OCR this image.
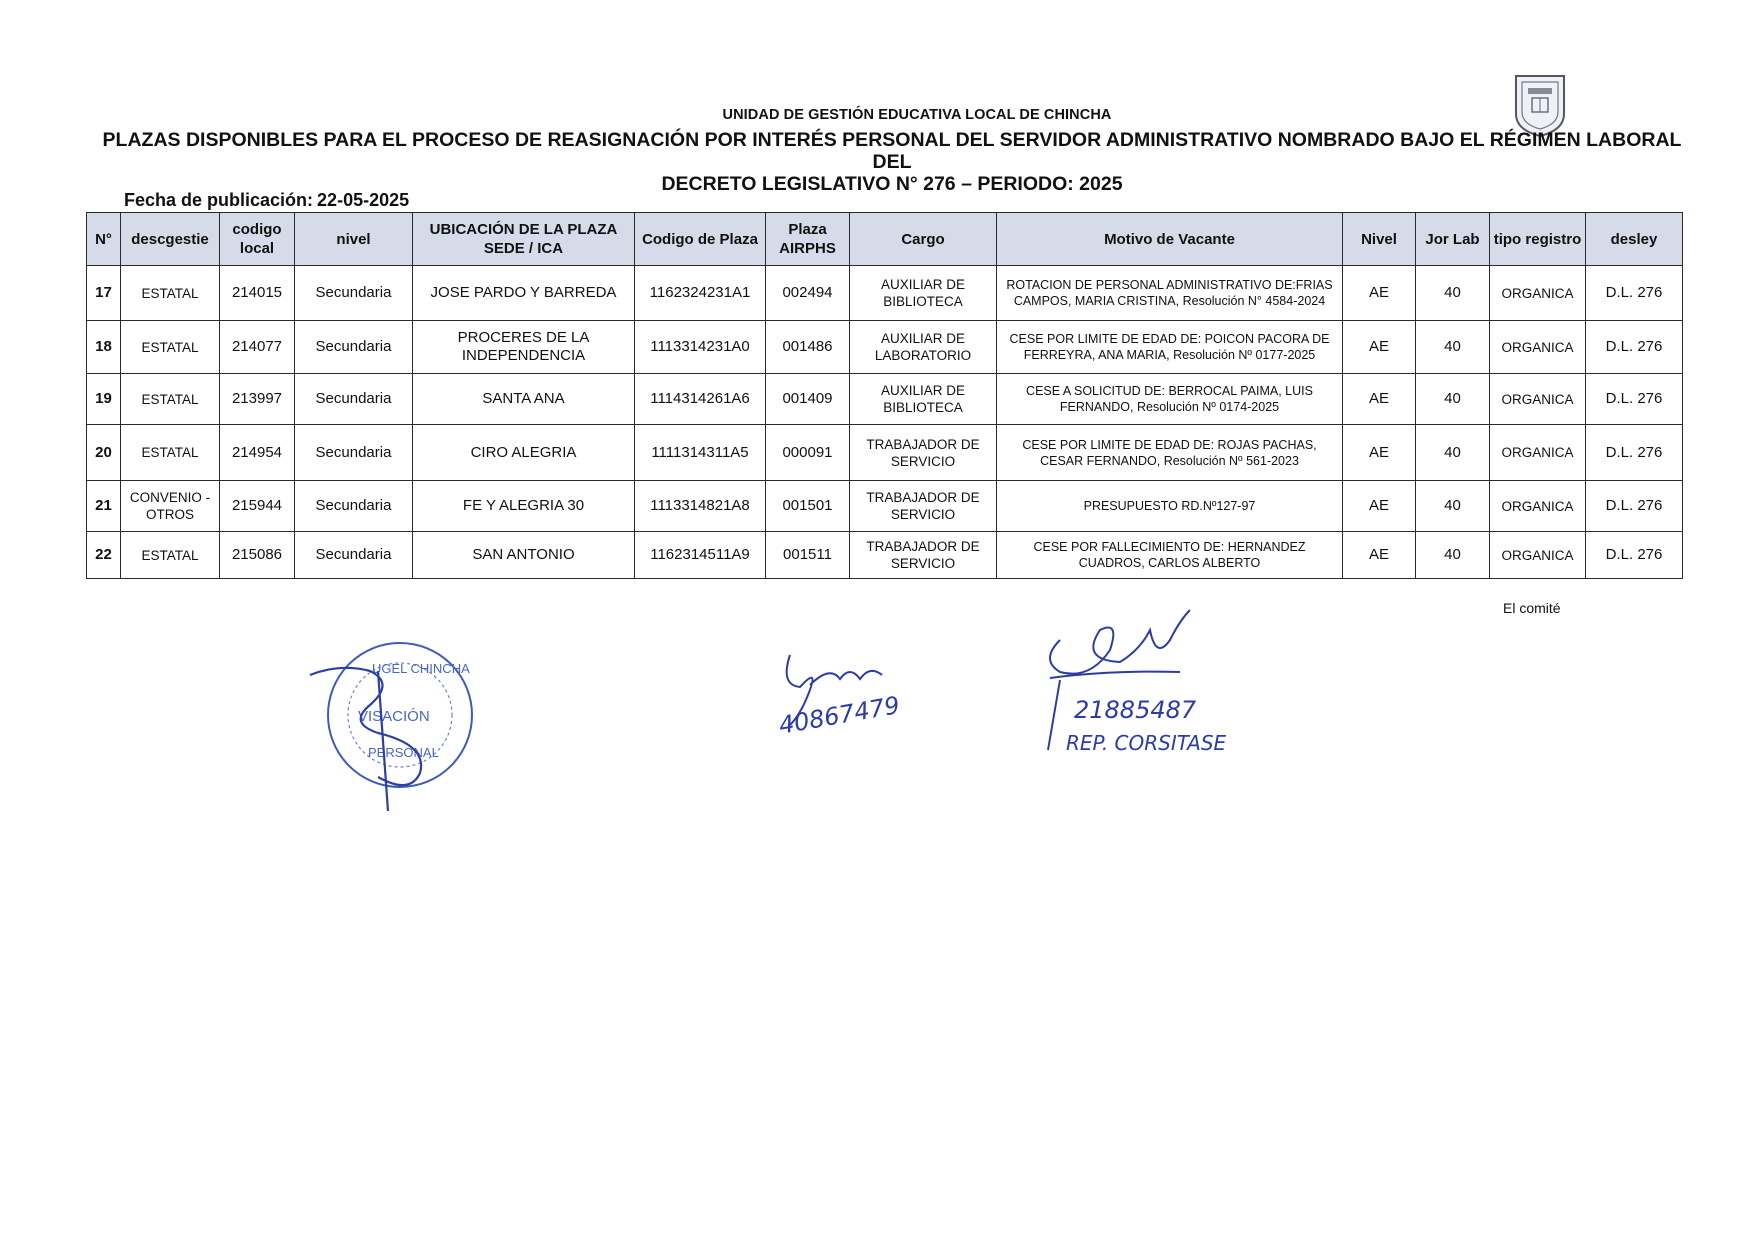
UNIDAD DE GESTIÓN EDUCATIVA LOCAL DE CHINCHA
PLAZAS DISPONIBLES PARA EL PROCESO DE REASIGNACIÓN POR INTERÉS PERSONAL DEL SERVIDOR ADMINISTRATIVO NOMBRADO BAJO EL RÉGIMEN LABORAL DEL
DECRETO LEGISLATIVO N° 276 – PERIODO: 2025
Fecha de publicación: 22-05-2025
N°	descgestie	codigo local	nivel	UBICACIÓN DE LA PLAZA SEDE / ICA	Codigo de Plaza	Plaza AIRPHS	Cargo	Motivo de Vacante	Nivel	Jor Lab	tipo registro	desley
17	ESTATAL	214015	Secundaria	JOSE PARDO Y BARREDA	1162324231A1	002494	AUXILIAR DE BIBLIOTECA	ROTACION DE PERSONAL ADMINISTRATIVO DE:FRIAS CAMPOS, MARIA CRISTINA, Resolución N° 4584-2024	AE	40	ORGANICA	D.L. 276
18	ESTATAL	214077	Secundaria	PROCERES DE LA INDEPENDENCIA	1113314231A0	001486	AUXILIAR DE LABORATORIO	CESE POR LIMITE DE EDAD DE: POICON PACORA DE FERREYRA, ANA MARIA, Resolución Nº 0177-2025	AE	40	ORGANICA	D.L. 276
19	ESTATAL	213997	Secundaria	SANTA ANA	1114314261A6	001409	AUXILIAR DE BIBLIOTECA	CESE A SOLICITUD DE: BERROCAL PAIMA, LUIS FERNANDO, Resolución Nº 0174-2025	AE	40	ORGANICA	D.L. 276
20	ESTATAL	214954	Secundaria	CIRO ALEGRIA	1111314311A5	000091	TRABAJADOR DE SERVICIO	CESE POR LIMITE DE EDAD DE: ROJAS PACHAS, CESAR FERNANDO, Resolución Nº 561-2023	AE	40	ORGANICA	D.L. 276
21	CONVENIO - OTROS	215944	Secundaria	FE Y ALEGRIA 30	1113314821A8	001501	TRABAJADOR DE SERVICIO	PRESUPUESTO RD.Nº127-97	AE	40	ORGANICA	D.L. 276
22	ESTATAL	215086	Secundaria	SAN ANTONIO	1162314511A9	001511	TRABAJADOR DE SERVICIO	CESE POR FALLECIMIENTO DE: HERNANDEZ CUADROS, CARLOS ALBERTO	AE	40	ORGANICA	D.L. 276
El comité
VISACIÓN
UGEL CHINCHA
PERSONAL
40867479	21885487
REP. CORSITASE
